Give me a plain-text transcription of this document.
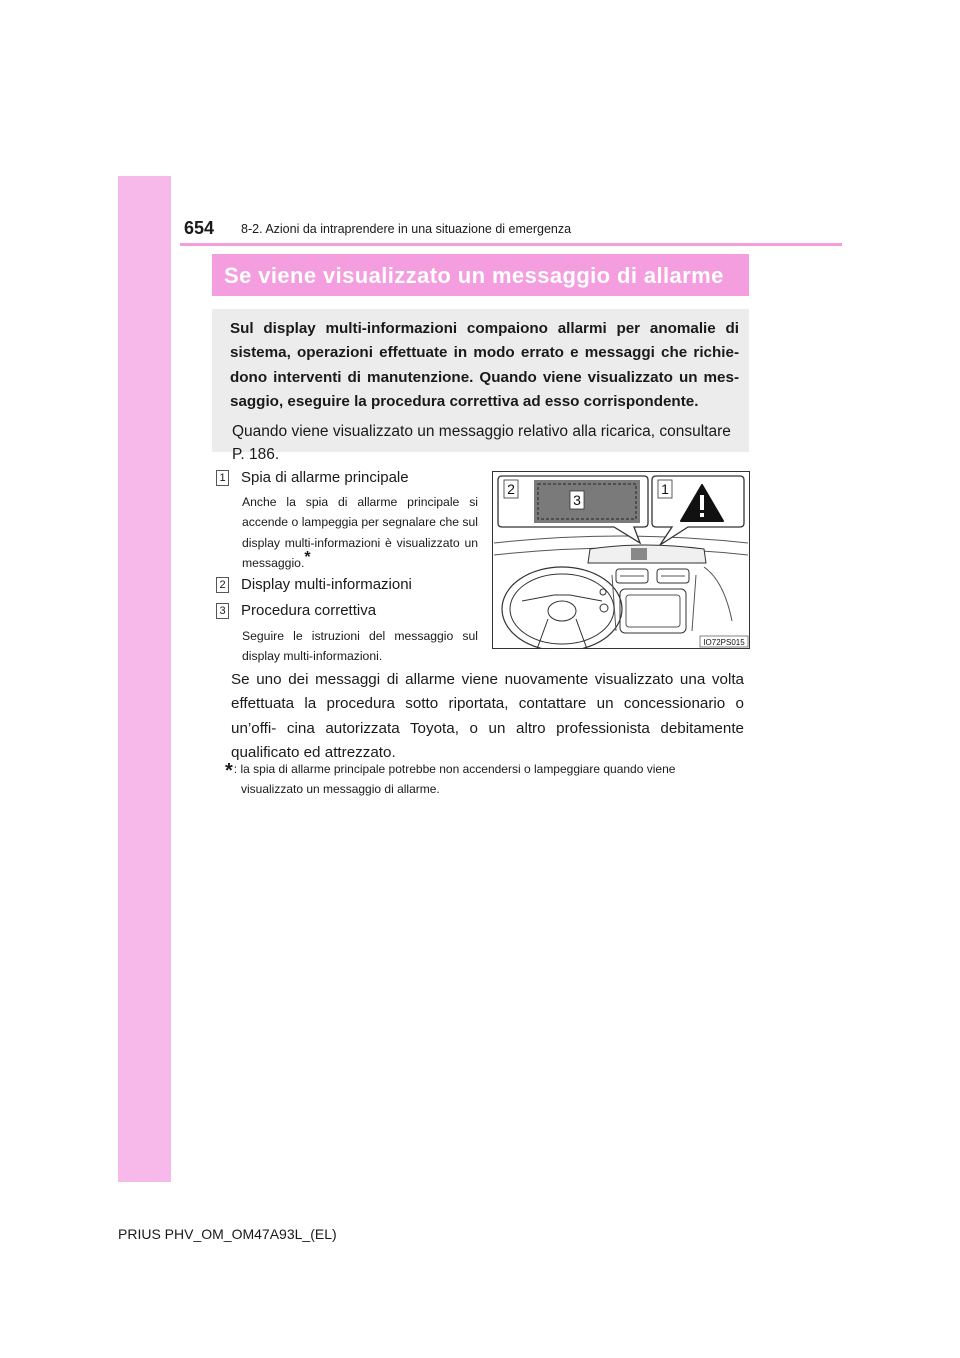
654 8-2. Azioni da intraprendere in una situazione di emergenza
Se viene visualizzato un messaggio di allarme

Sul display multi-informazioni compaiono allarmi per anomalie di sistema, operazioni effettuate in modo errato e messaggi che richie- dono interventi di manutenzione. Quando viene visualizzato un mes- saggio, eseguire la procedura correttiva ad esso corrispondente.

Quando viene visualizzato un messaggio relativo alla ricarica, consultare
P. 186.

1 Spia di allarme principale
Anche la spia di allarme principale si accende o lampeggia per segnalare che sul display multi-informazioni è visualizzato un messaggio.*
2 Display multi-informazioni
3 Procedura correttiva
Seguire le istruzioni del messaggio sul display multi-informazioni.
2
3
1
IO72PS015

Se uno dei messaggi di allarme viene nuovamente visualizzato una volta effettuata la procedura sotto riportata, contattare un concessionario o un’offi- cina autorizzata Toyota, o un altro professionista debitamente qualificato ed attrezzato.

*: la spia di allarme principale potrebbe non accendersi o lampeggiare quando viene
visualizzato un messaggio di allarme.
PRIUS PHV_OM_OM47A93L_(EL)
